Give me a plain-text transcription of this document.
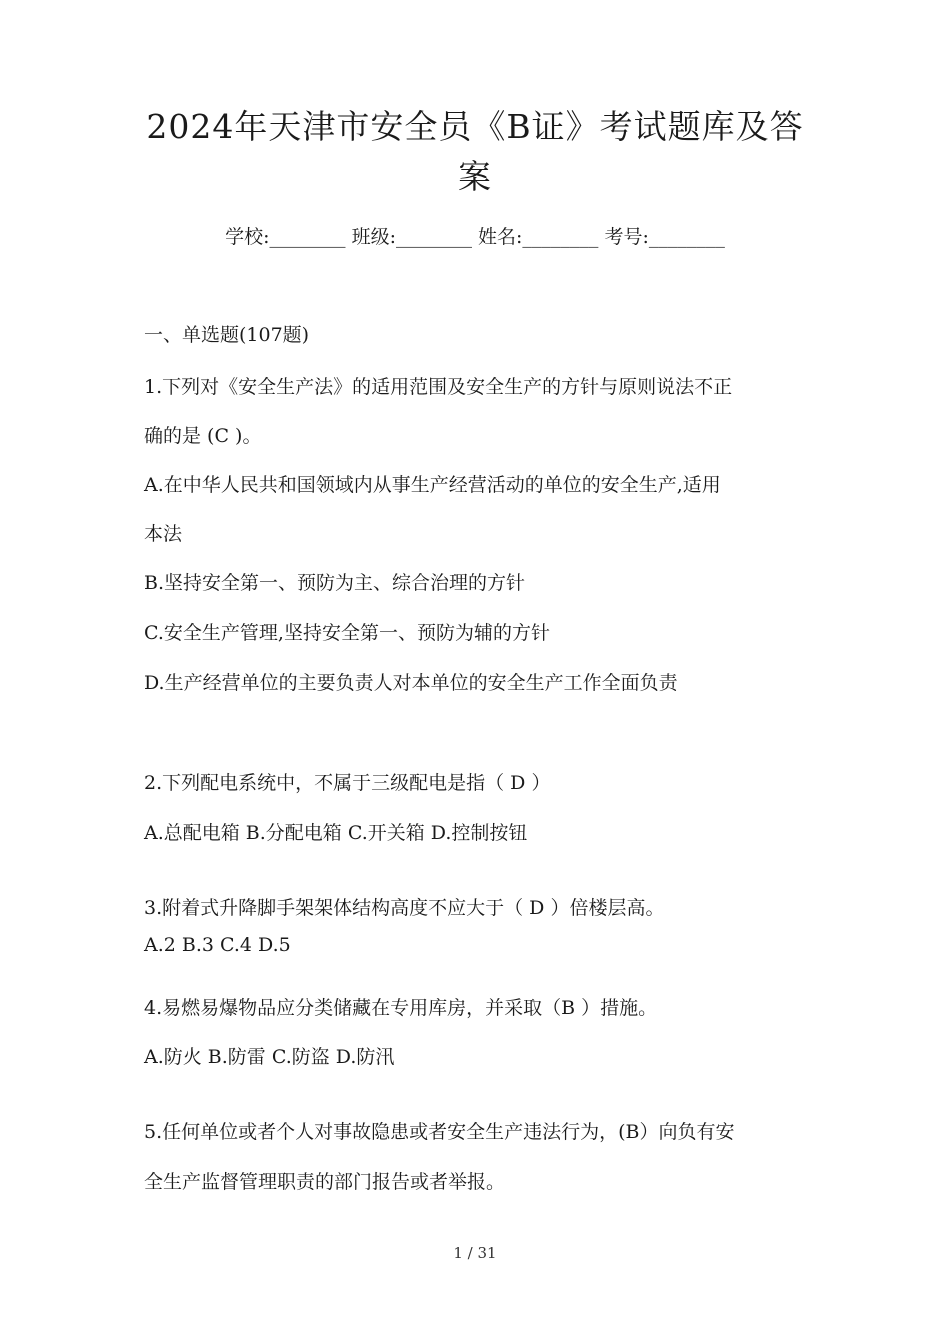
2024年天津市安全员《B证》考试题库及答
案
学校:________ 班级:________ 姓名:________ 考号:________
一、单选题(107题)
1.下列对《安全生产法》的适用范围及安全生产的方针与原则说法不正
确的是 (C )。
A.在中华人民共和国领域内从事生产经营活动的单位的安全生产,适用
本法
B.坚持安全第一、预防为主、综合治理的方针
C.安全生产管理,坚持安全第一、预防为辅的方针
D.生产经营单位的主要负责人对本单位的安全生产工作全面负责
2.下列配电系统中，不属于三级配电是指（ D ）
A.总配电箱 B.分配电箱 C.开关箱 D.控制按钮
3.附着式升降脚手架架体结构高度不应大于（ D ）倍楼层高。
A.2 B.3 C.4 D.5
4.易燃易爆物品应分类储藏在专用库房，并采取（B ）措施。
A.防火 B.防雷 C.防盗 D.防汛
5.任何单位或者个人对事故隐患或者安全生产违法行为，(B）向负有安
全生产监督管理职责的部门报告或者举报。
1 / 31
